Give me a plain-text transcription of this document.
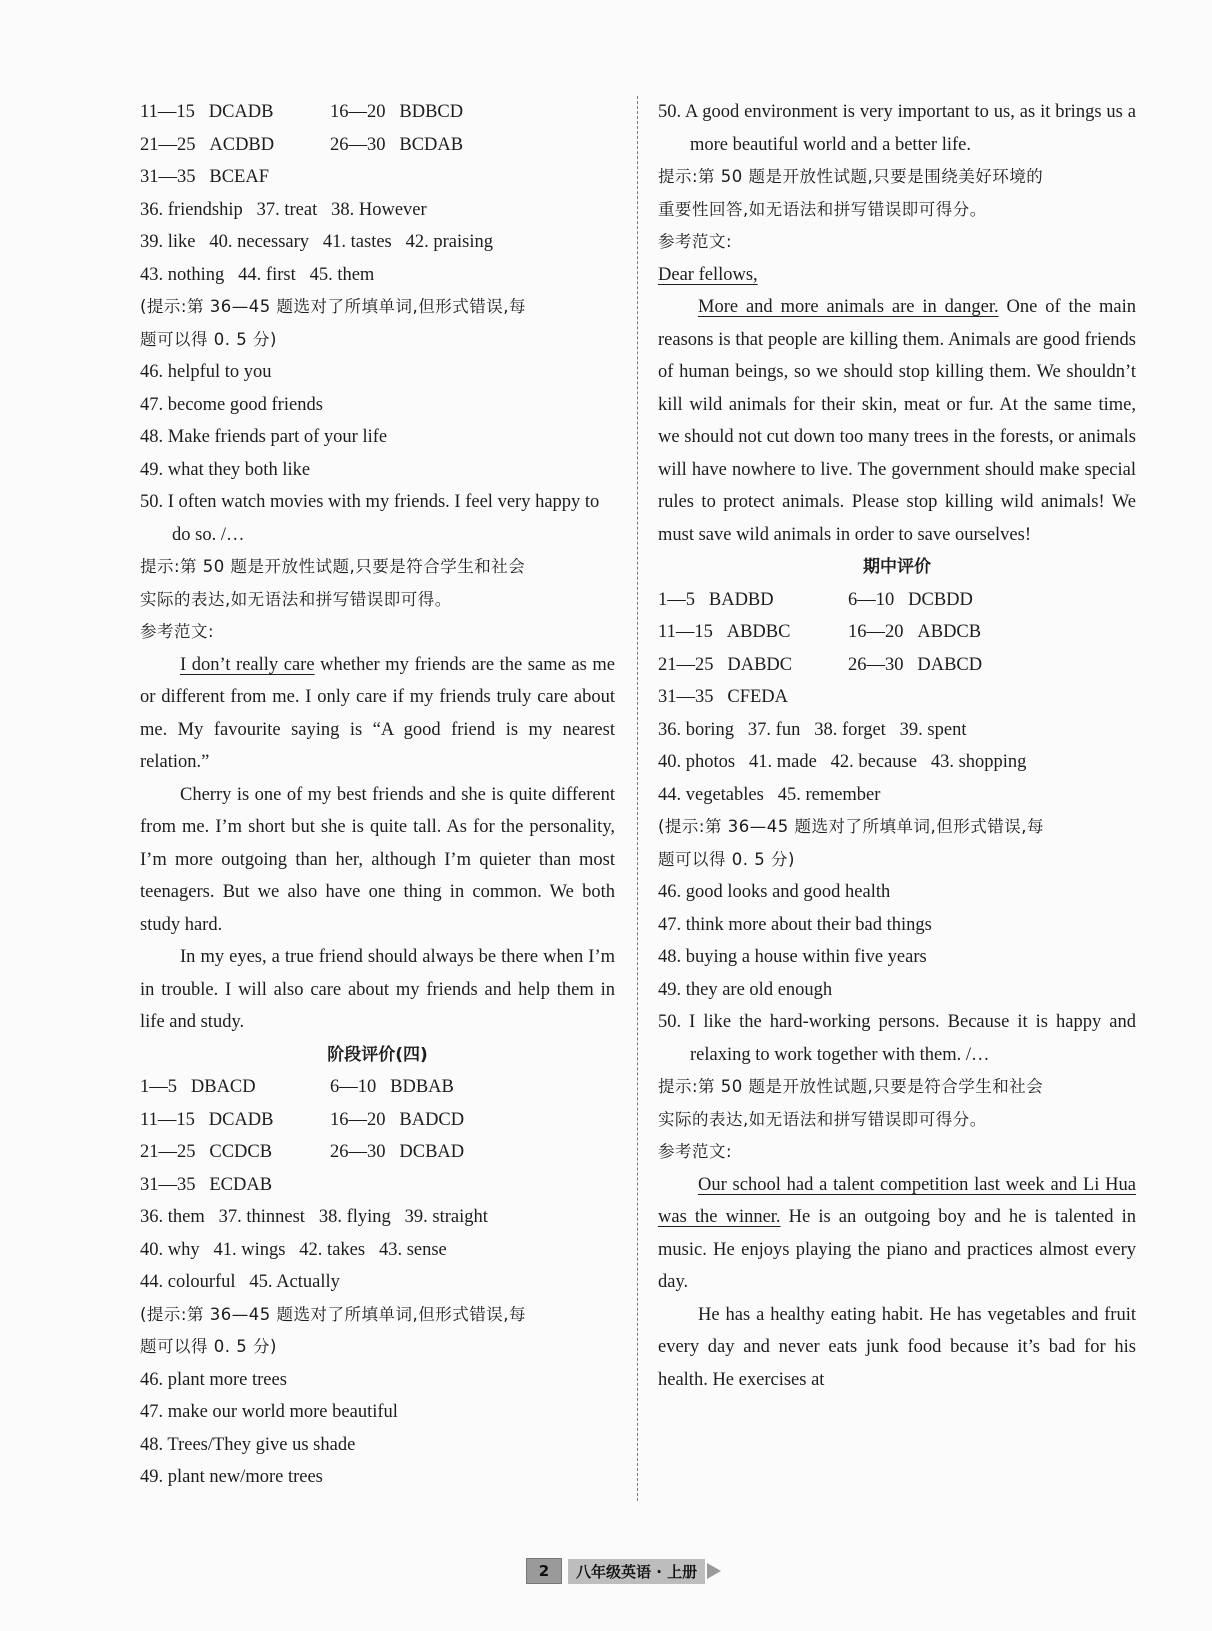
11—15 DCADB	16—20 BDBCD
21—25 ACDBD	26—30 BCDAB
31—35 BCEAF
36. friendship   37. treat   38. However
39. like   40. necessary   41. tastes   42. praising
43. nothing   44. first   45. them
(提示:第 36—45 题选对了所填单词,但形式错误,每
题可以得 0. 5 分)
46. helpful to you
47. become good friends
48. Make friends part of your life
49. what they both like
50. I often watch movies with my friends. I feel very happy to do so. /…
提示:第 50 题是开放性试题,只要是符合学生和社会
实际的表达,如无语法和拼写错误即可得。
参考范文:
I don’t really care whether my friends are the same as me or different from me. I only care if my friends truly care about me. My favourite saying is “A good friend is my nearest relation.”
Cherry is one of my best friends and she is quite different from me. I’m short but she is quite tall. As for the personality, I’m more outgoing than her, although I’m quieter than most teenagers. But we also have one thing in common. We both study hard.
In my eyes, a true friend should always be there when I’m in trouble. I will also care about my friends and help them in life and study.
阶段评价(四)
1—5 DBACD	6—10 BDBAB
11—15 DCADB	16—20 BADCD
21—25 CCDCB	26—30 DCBAD
31—35 ECDAB
36. them   37. thinnest   38. flying   39. straight
40. why   41. wings   42. takes   43. sense
44. colourful   45. Actually
(提示:第 36—45 题选对了所填单词,但形式错误,每
题可以得 0. 5 分)
46. plant more trees
47. make our world more beautiful
48. Trees/They give us shade
49. plant new/more trees
50. A good environment is very important to us, as it brings us a more beautiful world and a better life.
提示:第 50 题是开放性试题,只要是围绕美好环境的
重要性回答,如无语法和拼写错误即可得分。
参考范文:
Dear fellows,
More and more animals are in danger. One of the main reasons is that people are killing them. Animals are good friends of human beings, so we should stop killing them. We shouldn’t kill wild animals for their skin, meat or fur. At the same time, we should not cut down too many trees in the forests, or animals will have nowhere to live. The government should make special rules to protect animals. Please stop killing wild animals! We must save wild animals in order to save ourselves!
期中评价
1—5 BADBD	6—10 DCBDD
11—15 ABDBC	16—20 ABDCB
21—25 DABDC	26—30 DABCD
31—35 CFEDA
36. boring   37. fun   38. forget   39. spent
40. photos   41. made   42. because   43. shopping
44. vegetables   45. remember
(提示:第 36—45 题选对了所填单词,但形式错误,每
题可以得 0. 5 分)
46. good looks and good health
47. think more about their bad things
48. buying a house within five years
49. they are old enough
50. I like the hard-working persons. Because it is happy and relaxing to work together with them. /…
提示:第 50 题是开放性试题,只要是符合学生和社会
实际的表达,如无语法和拼写错误即可得分。
参考范文:
Our school had a talent competition last week and Li Hua was the winner. He is an outgoing boy and he is talented in music. He enjoys playing the piano and practices almost every day.
He has a healthy eating habit. He has vegetables and fruit every day and never eats junk food because it’s bad for his health. He exercises at
2	八年级英语 · 上册
